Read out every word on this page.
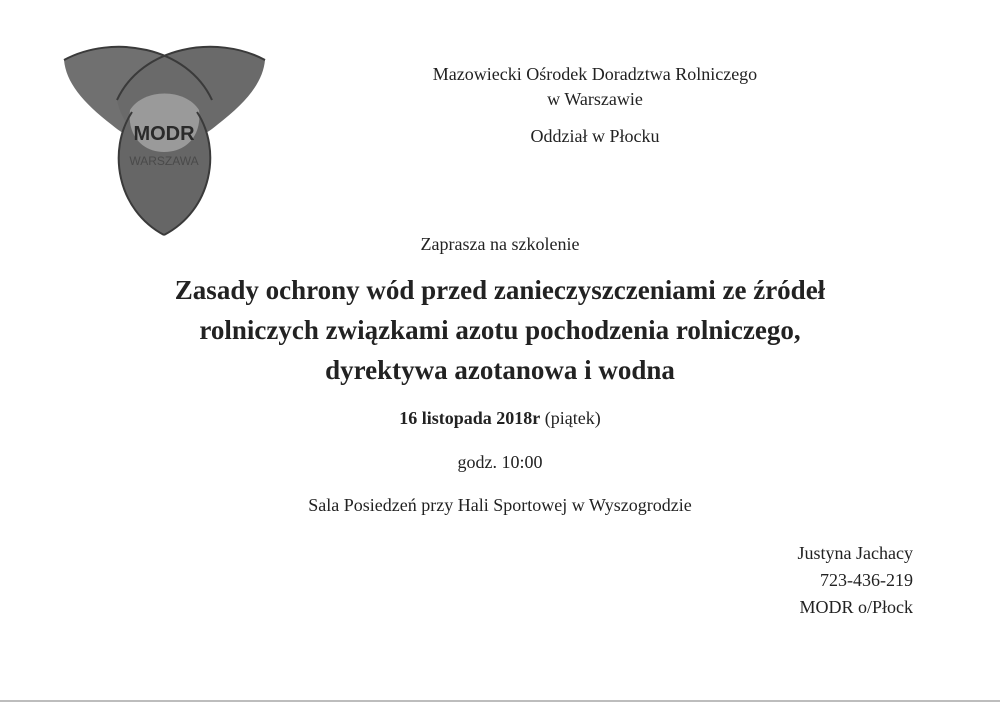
MODR
WARSZAWA
Mazowiecki Ośrodek Doradztwa Rolniczego
w Warszawie
Oddział w Płocku
Zaprasza na szkolenie
Zasady ochrony wód przed zanieczyszczeniami ze źródeł
rolniczych związkami azotu pochodzenia rolniczego,
dyrektywa azotanowa i wodna
16 listopada 2018r (piątek)
godz. 10:00
Sala Posiedzeń przy Hali Sportowej w Wyszogrodzie
Justyna Jachacy
723-436-219
MODR o/Płock
